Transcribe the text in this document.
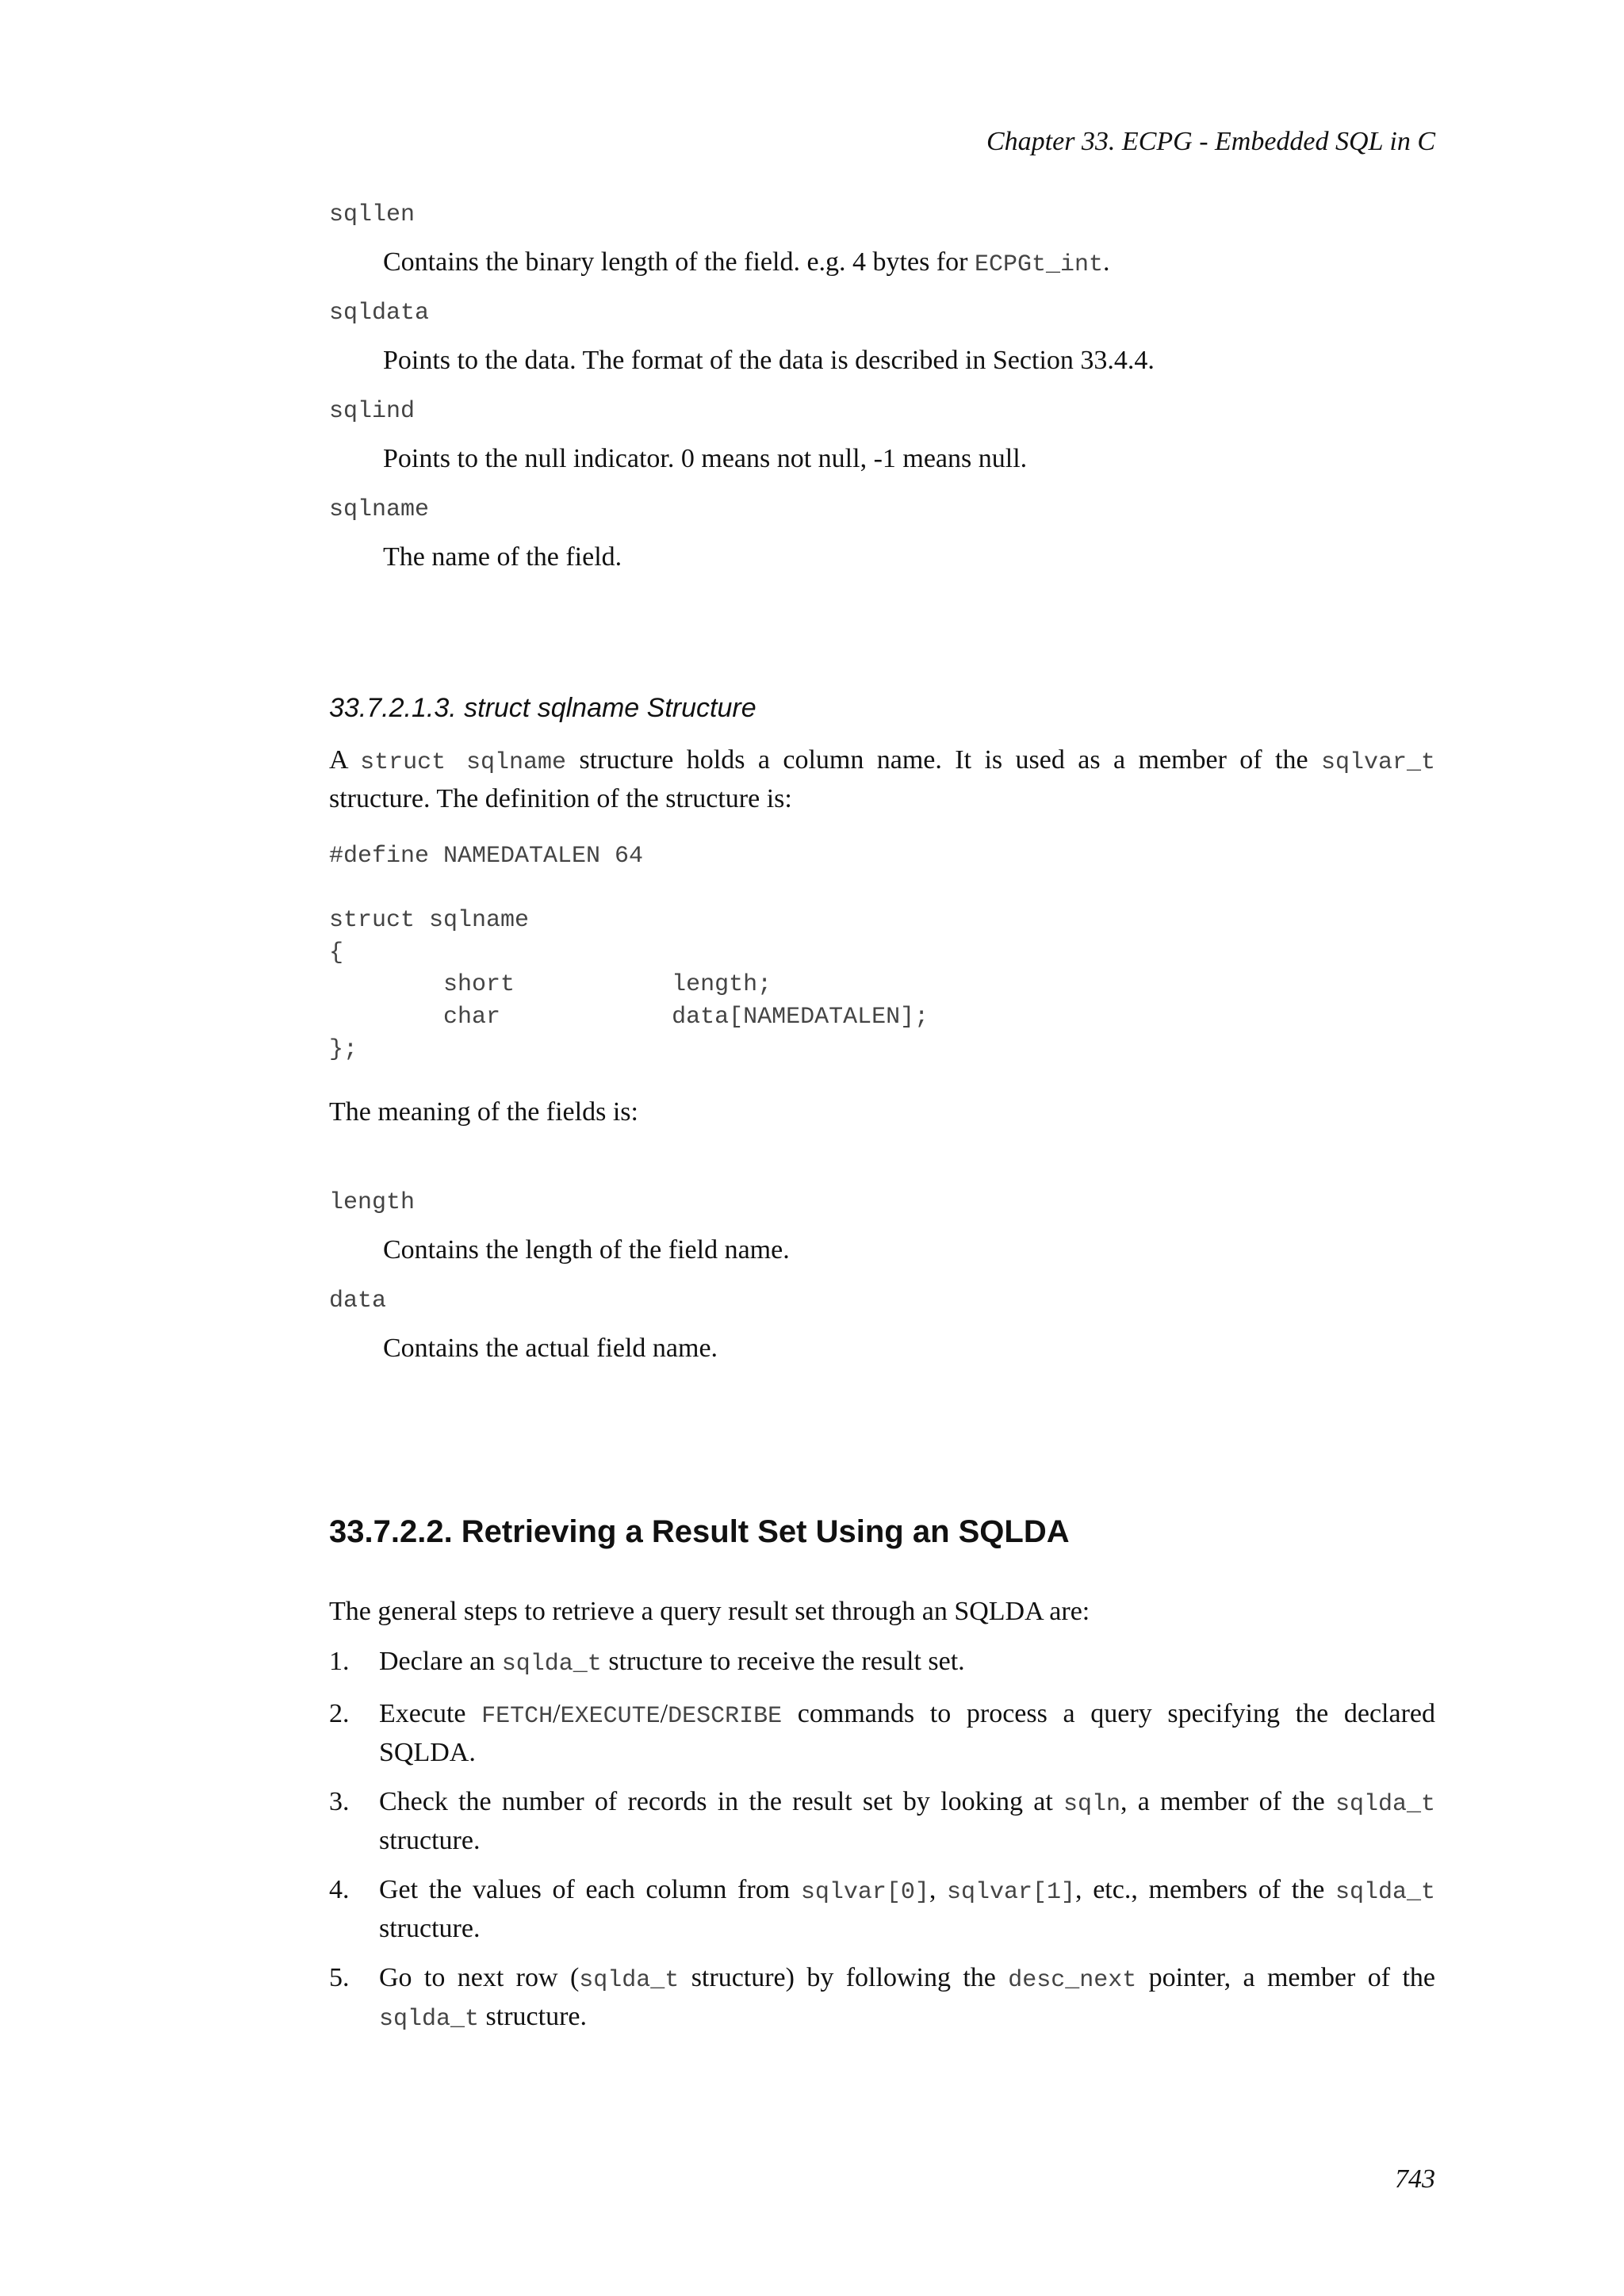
Chapter 33. ECPG - Embedded SQL in C
sqllen
Contains the binary length of the field. e.g. 4 bytes for ECPGt_int.
sqldata
Points to the data. The format of the data is described in Section 33.4.4.
sqlind
Points to the null indicator. 0 means not null, -1 means null.
sqlname
The name of the field.
33.7.2.1.3. struct sqlname Structure
A struct sqlname structure holds a column name. It is used as a member of the sqlvar_t structure. The definition of the structure is:
#define NAMEDATALEN 64

struct sqlname
{
short           length;
char            data[NAMEDATALEN];
};
The meaning of the fields is:
length
Contains the length of the field name.
data
Contains the actual field name.
33.7.2.2. Retrieving a Result Set Using an SQLDA
The general steps to retrieve a query result set through an SQLDA are:
1. Declare an sqlda_t structure to receive the result set.
2. Execute FETCH/EXECUTE/DESCRIBE commands to process a query specifying the declared SQLDA.
3. Check the number of records in the result set by looking at sqln, a member of the sqlda_t structure.
4. Get the values of each column from sqlvar[0], sqlvar[1], etc., members of the sqlda_t structure.
5. Go to next row (sqlda_t structure) by following the desc_next pointer, a member of the sqlda_t structure.
743
